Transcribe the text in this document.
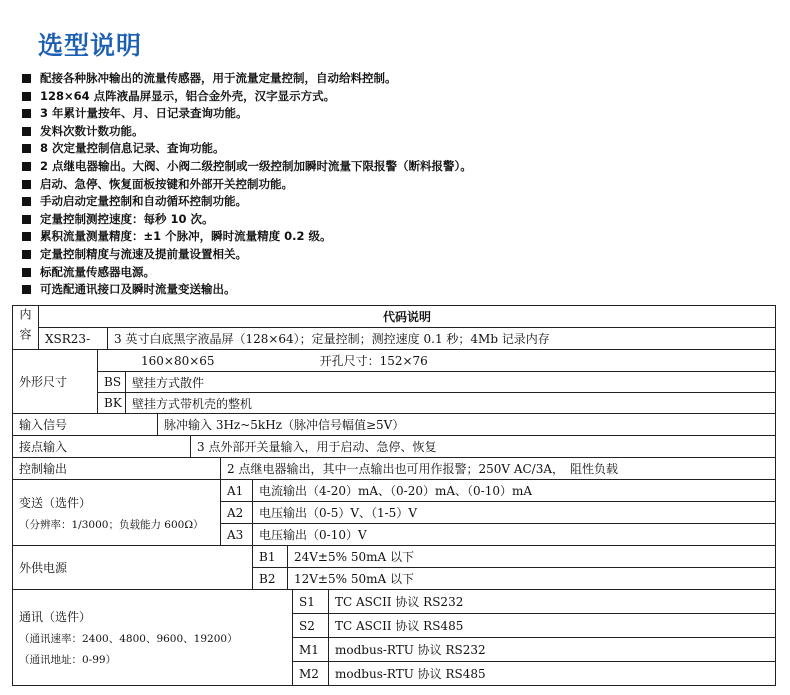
选型说明
配接各种脉冲输出的流量传感器，用于流量定量控制，自动给料控制。
128×64 点阵液晶屏显示，铝合金外壳，汉字显示方式。
3 年累计量按年、月、日记录查询功能。
发料次数计数功能。
8 次定量控制信息记录、查询功能。
2 点继电器输出。大阀、小阀二级控制或一级控制加瞬时流量下限报警（断料报警）。
启动、急停、恢复面板按键和外部开关控制功能。
手动启动定量控制和自动循环控制功能。
定量控制测控速度：每秒 10 次。
累积流量测量精度：±1 个脉冲，瞬时流量精度 0.2 级。
定量控制精度与流速及提前量设置相关。
标配流量传感器电源。
可选配通讯接口及瞬时流量变送输出。
内容	代码说明
XSR23-	3 英寸白底黑字液晶屏（128×64）；定量控制；测控速度 0.1 秒；4Mb 记录内存
外形尺寸
160×80×65	开孔尺寸：152×76
BS 壁挂方式散件
BK 壁挂方式带机壳的整机
输入信号	脉冲输入 3Hz~5kHz（脉冲信号幅值≥5V）
接点输入	3 点外部开关量输入，用于启动、急停、恢复
控制输出	2 点继电器输出，其中一点输出也可用作报警；250V AC/3A，　阻性负载
变送（选件）
（分辨率：1/3000；负载能力 600Ω）
A1	电流输出（4-20）mA、（0-20）mA、（0-10）mA
A2	电压输出（0-5）V、（1-5）V
A3	电压输出（0-10）V
外供电源
B1	24V±5% 50mA 以下
B2	12V±5% 50mA 以下
通讯（选件）
（通讯速率：2400、4800、9600、19200）
（通讯地址：0-99）
S1	TC ASCII 协议 RS232
S2	TC ASCII 协议 RS485
M1	modbus-RTU 协议 RS232
M2	modbus-RTU 协议 RS485
